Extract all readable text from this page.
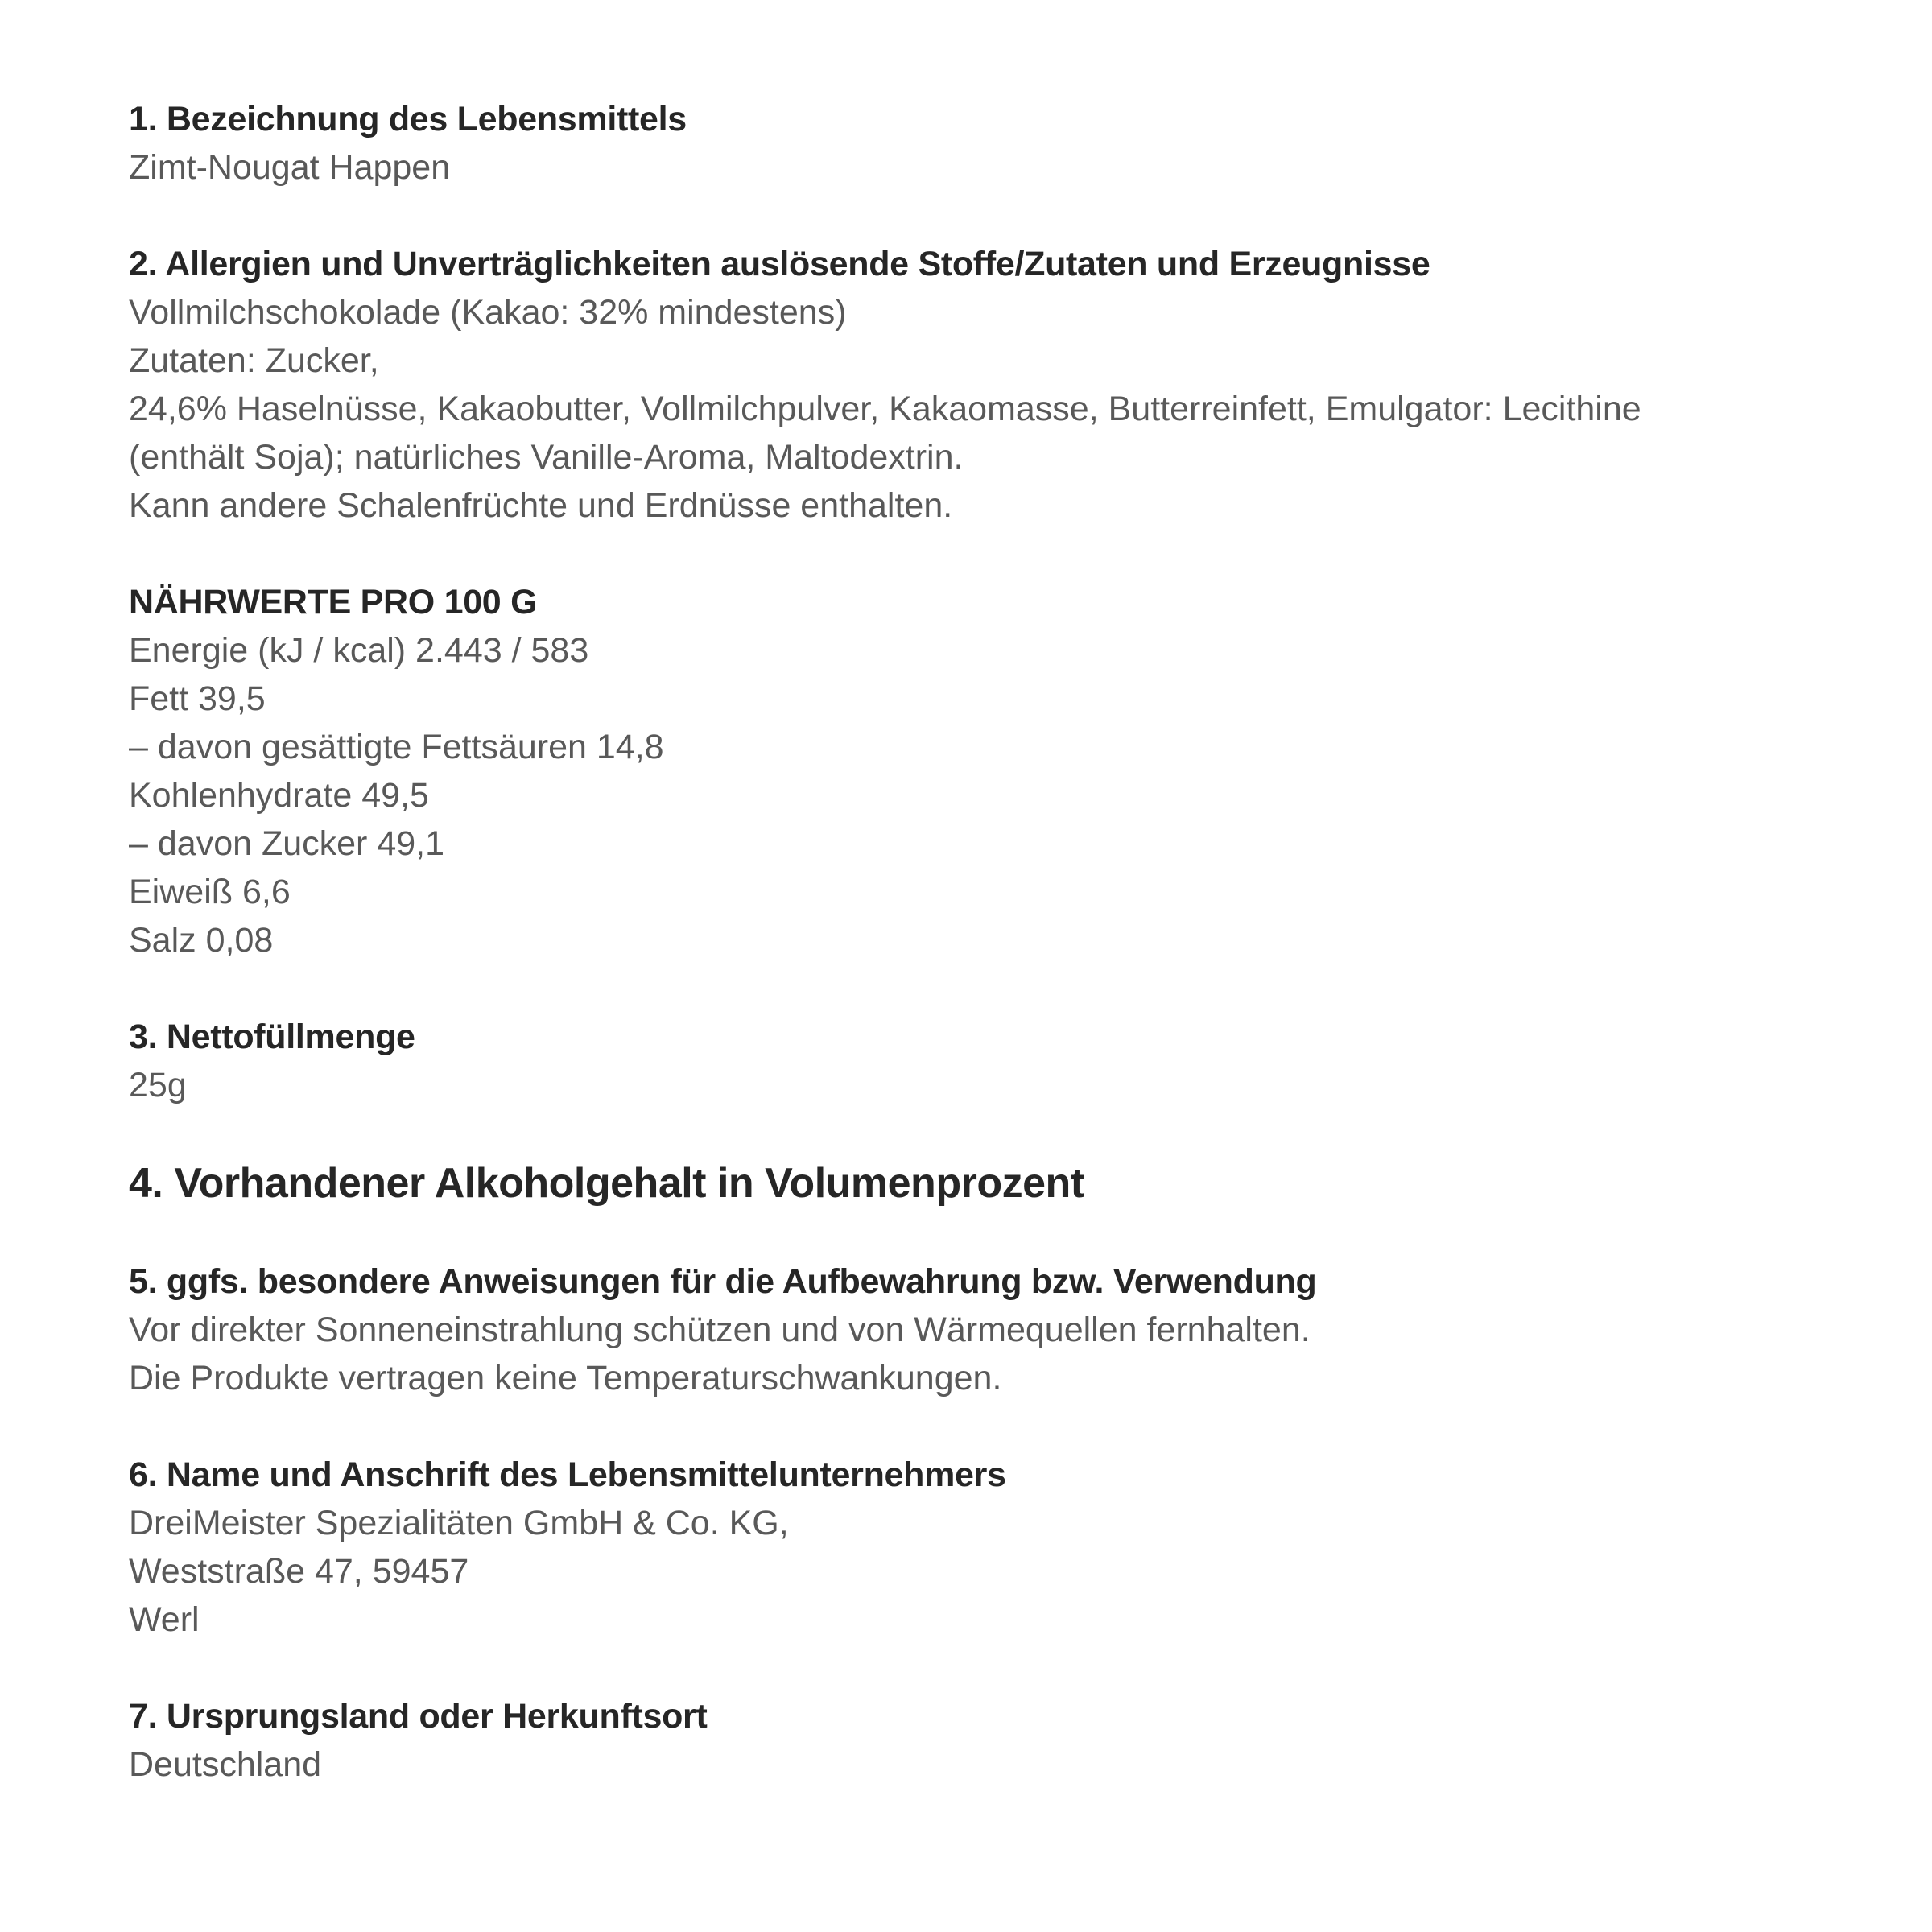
1. Bezeichnung des Lebensmittels
Zimt-Nougat Happen
2. Allergien und Unverträglichkeiten auslösende Stoffe/Zutaten und Erzeugnisse
Vollmilchschokolade (Kakao: 32% mindestens)
Zutaten: Zucker,
24,6% Haselnüsse, Kakaobutter, Vollmilchpulver, Kakaomasse, Butterreinfett, Emulgator: Lecithine
(enthält Soja); natürliches Vanille-Aroma, Maltodextrin.
Kann andere Schalenfrüchte und Erdnüsse enthalten.
NÄHRWERTE PRO 100 G
Energie (kJ / kcal) 2.443 / 583
Fett 39,5
– davon gesättigte Fettsäuren 14,8
Kohlenhydrate 49,5
– davon Zucker 49,1
Eiweiß 6,6
Salz 0,08
3. Nettofüllmenge
25g
4. Vorhandener Alkoholgehalt in Volumenprozent
5. ggfs. besondere Anweisungen für die Aufbewahrung bzw. Verwendung
Vor direkter Sonneneinstrahlung schützen und von Wärmequellen fernhalten.
Die Produkte vertragen keine Temperaturschwankungen.
6. Name und Anschrift des Lebensmittelunternehmers
DreiMeister Spezialitäten GmbH & Co. KG,
Weststraße 47, 59457
Werl
7. Ursprungsland oder Herkunftsort
Deutschland
